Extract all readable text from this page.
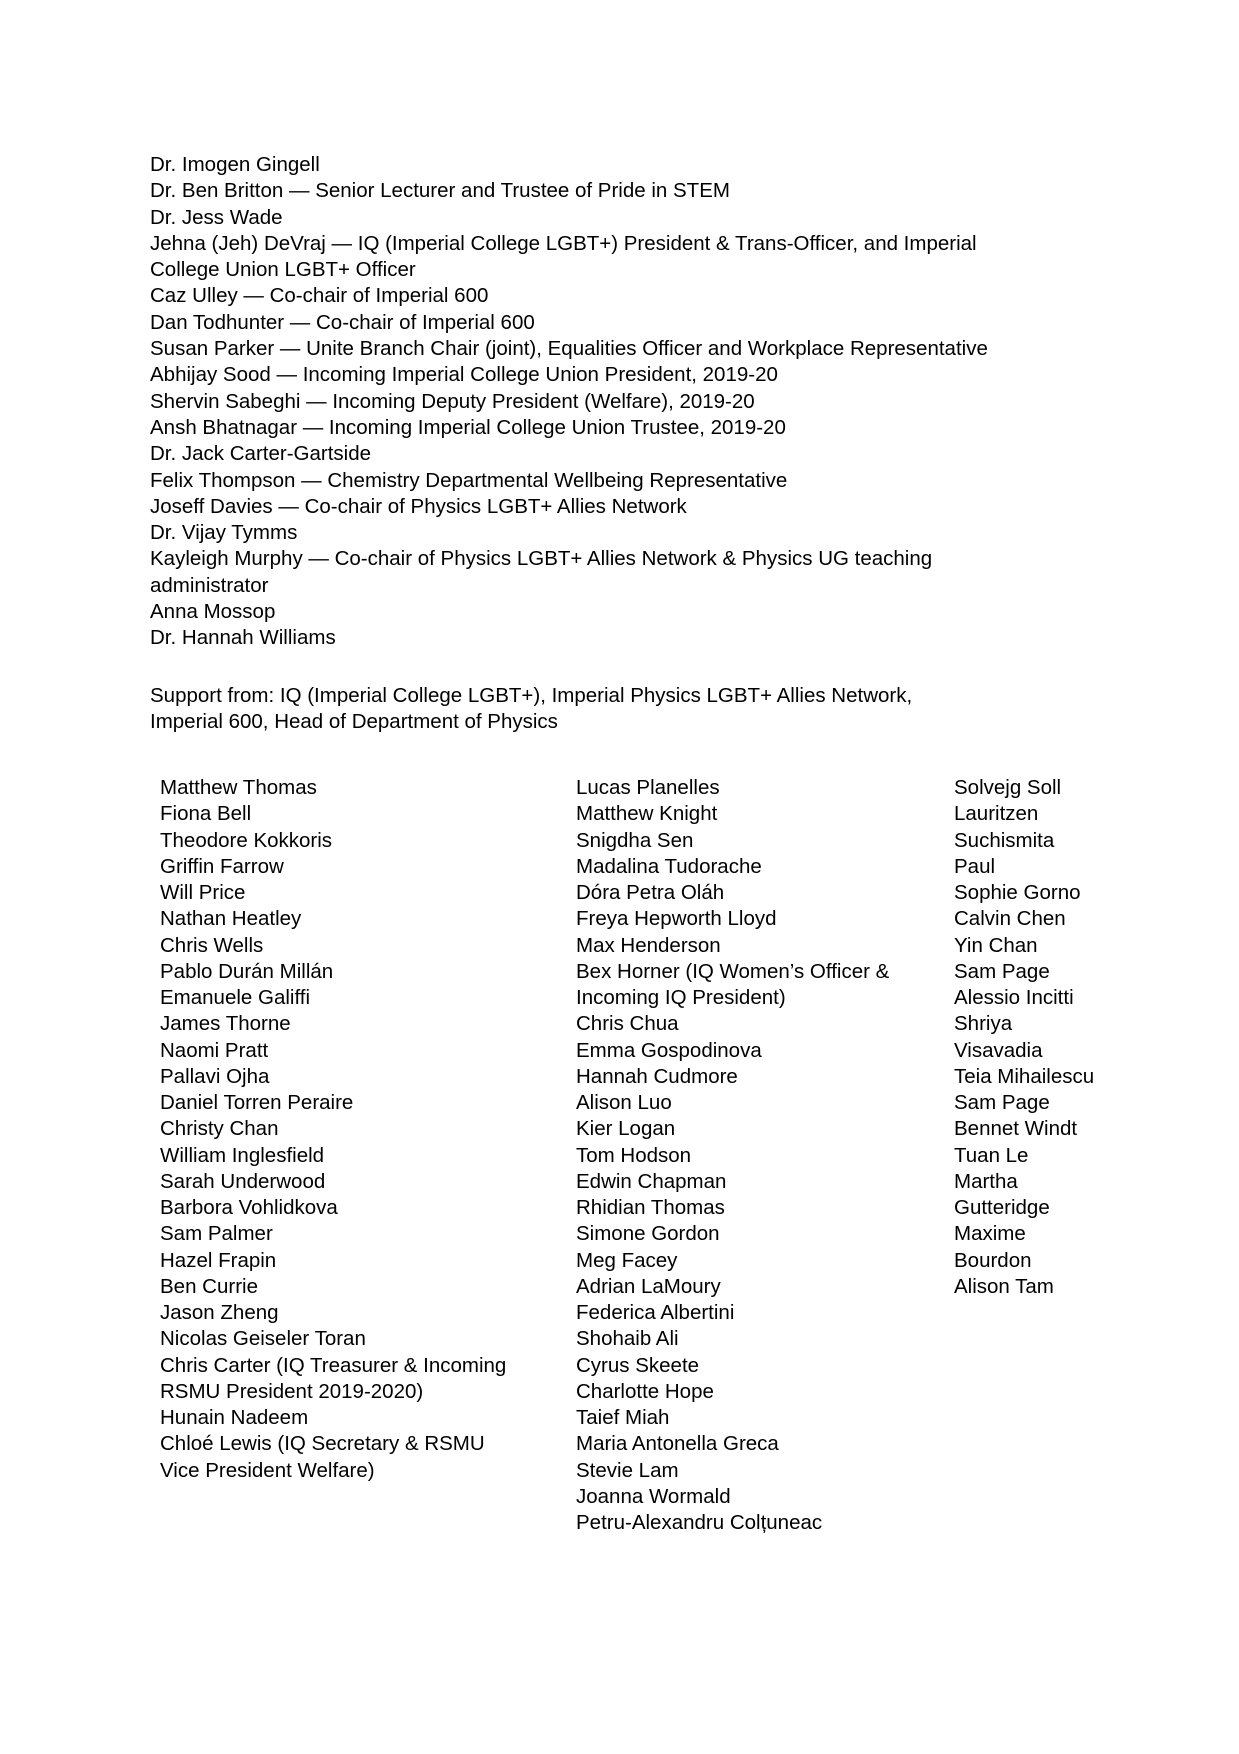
Dr. Imogen Gingell
Dr. Ben Britton — Senior Lecturer and Trustee of Pride in STEM
Dr. Jess Wade
Jehna (Jeh) DeVraj — IQ (Imperial College LGBT+) President & Trans-Officer, and Imperial
College Union LGBT+ Officer
Caz Ulley — Co-chair of Imperial 600
Dan Todhunter — Co-chair of Imperial 600
Susan Parker — Unite Branch Chair (joint), Equalities Officer and Workplace Representative
Abhijay Sood — Incoming Imperial College Union President, 2019-20
Shervin Sabeghi — Incoming Deputy President (Welfare), 2019-20
Ansh Bhatnagar — Incoming Imperial College Union Trustee, 2019-20
Dr. Jack Carter-Gartside
Felix Thompson — Chemistry Departmental Wellbeing Representative
Joseff Davies — Co-chair of Physics LGBT+ Allies Network
Dr. Vijay Tymms
Kayleigh Murphy — Co-chair of Physics LGBT+ Allies Network & Physics UG teaching
administrator
Anna Mossop
Dr. Hannah Williams
Support from: IQ (Imperial College LGBT+), Imperial Physics LGBT+ Allies Network,
Imperial 600, Head of Department of Physics
Matthew Thomas
Fiona Bell
Theodore Kokkoris
Griffin Farrow
Will Price
Nathan Heatley
Chris Wells
Pablo Durán Millán
Emanuele Galiffi
James Thorne
Naomi Pratt
Pallavi Ojha
Daniel Torren Peraire
Christy Chan
William Inglesfield
Sarah Underwood
Barbora Vohlidkova
Sam Palmer
Hazel Frapin
Ben Currie
Jason Zheng
Nicolas Geiseler Toran
Chris Carter (IQ Treasurer & Incoming
RSMU President 2019-2020)
Hunain Nadeem
Chloé Lewis (IQ Secretary & RSMU
Vice President Welfare)
Lucas Planelles
Matthew Knight
Snigdha Sen
Madalina Tudorache
Dóra Petra Oláh
Freya Hepworth Lloyd
Max Henderson
Bex Horner (IQ Women’s Officer &
Incoming IQ President)
Chris Chua
Emma Gospodinova
Hannah Cudmore
Alison Luo
Kier Logan
Tom Hodson
Edwin Chapman
Rhidian Thomas
Simone Gordon
Meg Facey
Adrian LaMoury
Federica Albertini
Shohaib Ali
Cyrus Skeete
Charlotte Hope
Taief Miah
Maria Antonella Greca
Stevie Lam
Joanna Wormald
Petru-Alexandru Colțuneac
Solvejg Soll
Lauritzen
Suchismita
Paul
Sophie Gorno
Calvin Chen
Yin Chan
Sam Page
Alessio Incitti
Shriya
Visavadia
Teia Mihailescu
Sam Page
Bennet Windt
Tuan Le
Martha
Gutteridge
Maxime
Bourdon
Alison Tam
